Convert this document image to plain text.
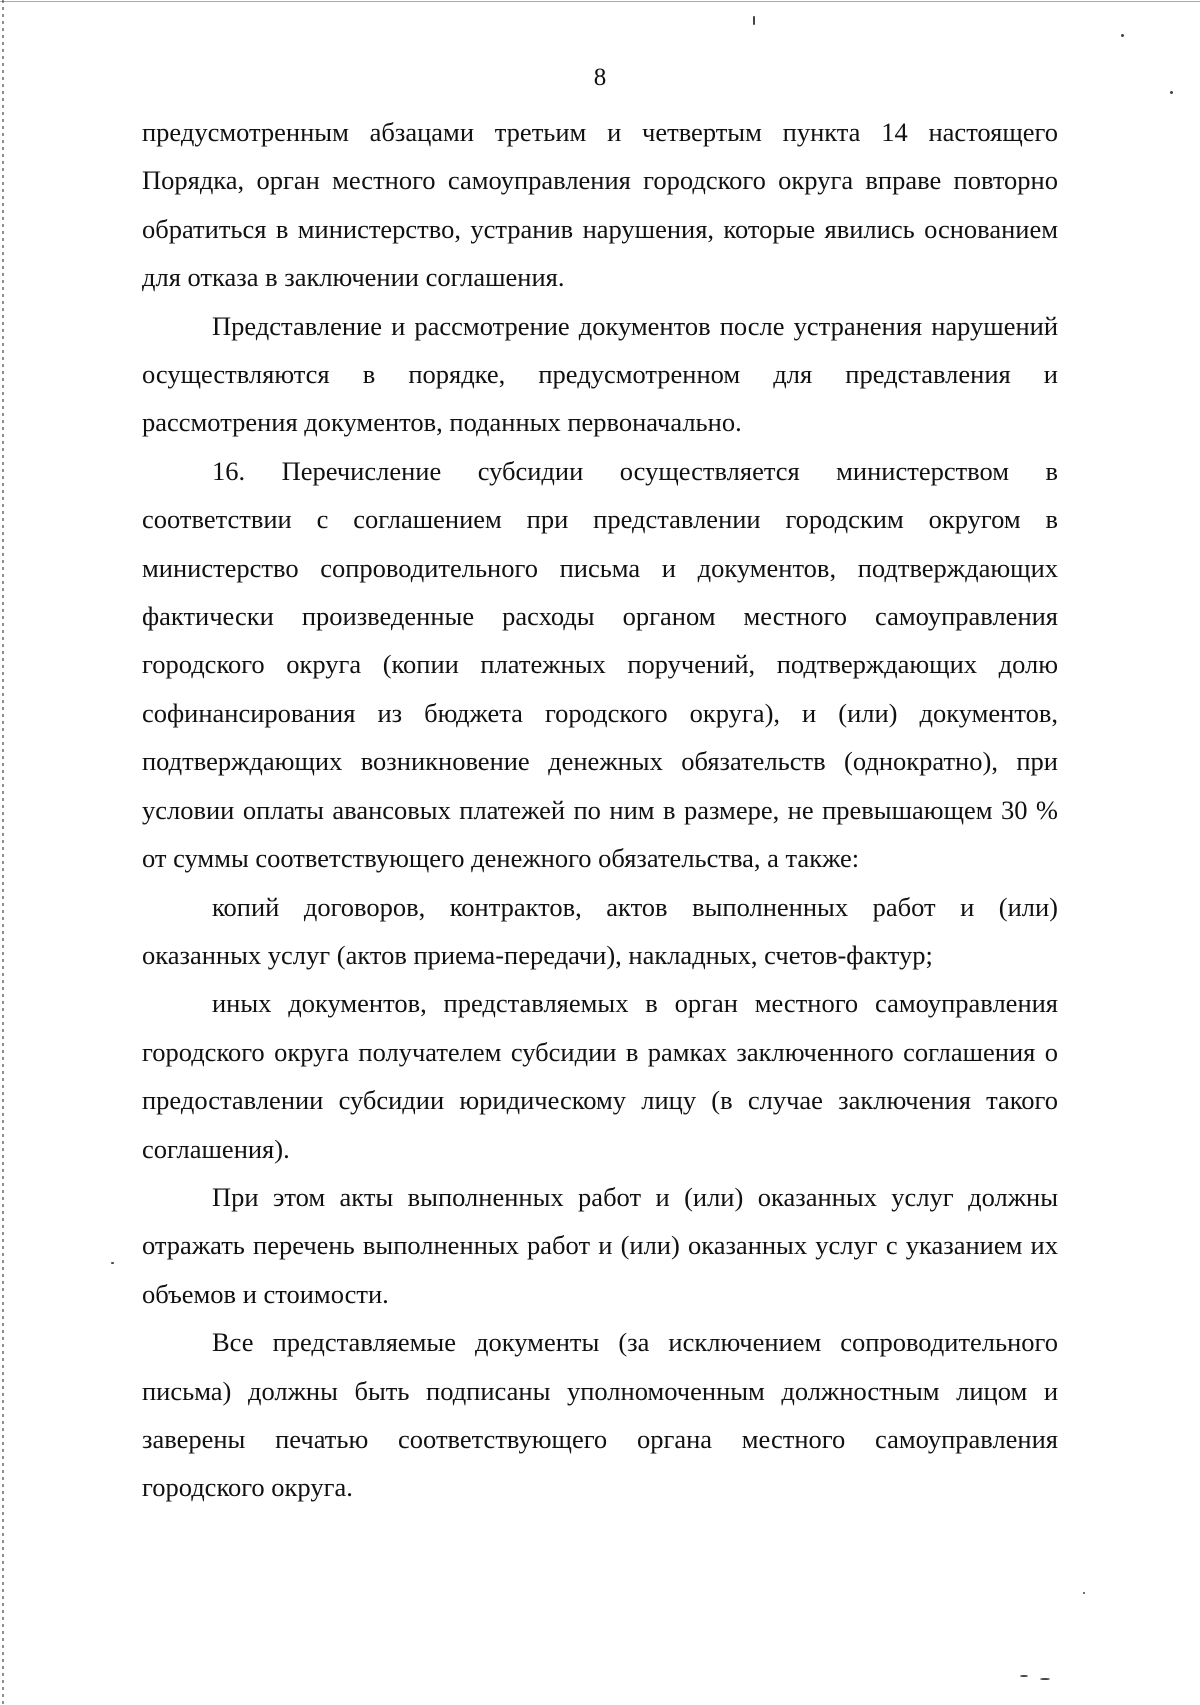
8

предусмотренным абзацами третьим и четвертым пункта 14 настоящего Порядка, орган местного самоуправления городского округа вправе повторно обратиться в министерство, устранив нарушения, которые явились основанием для отказа в заключении соглашения.

Представление и рассмотрение документов после устранения нарушений осуществляются в порядке, предусмотренном для представления и рассмотрения документов, поданных первоначально.

16. Перечисление субсидии осуществляется министерством в соответствии с соглашением при представлении городским округом в министерство сопроводительного письма и документов, подтверждающих фактически произведенные расходы органом местного самоуправления городского округа (копии платежных поручений, подтверждающих долю софинансирования из бюджета городского округа), и (или) документов, подтверждающих возникновение денежных обязательств (однократно), при условии оплаты авансовых платежей по ним в размере, не превышающем 30 % от суммы соответствующего денежного обязательства, а также:

копий договоров, контрактов, актов выполненных работ и (или) оказанных услуг (актов приема-передачи), накладных, счетов-фактур;

иных документов, представляемых в орган местного самоуправления городского округа получателем субсидии в рамках заключенного соглашения о предоставлении субсидии юридическому лицу (в случае заключения такого соглашения).

При этом акты выполненных работ и (или) оказанных услуг должны отражать перечень выполненных работ и (или) оказанных услуг с указанием их объемов и стоимости.

Все представляемые документы (за исключением сопроводительного письма) должны быть подписаны уполномоченным должностным лицом и заверены печатью соответствующего органа местного самоуправления городского округа.
